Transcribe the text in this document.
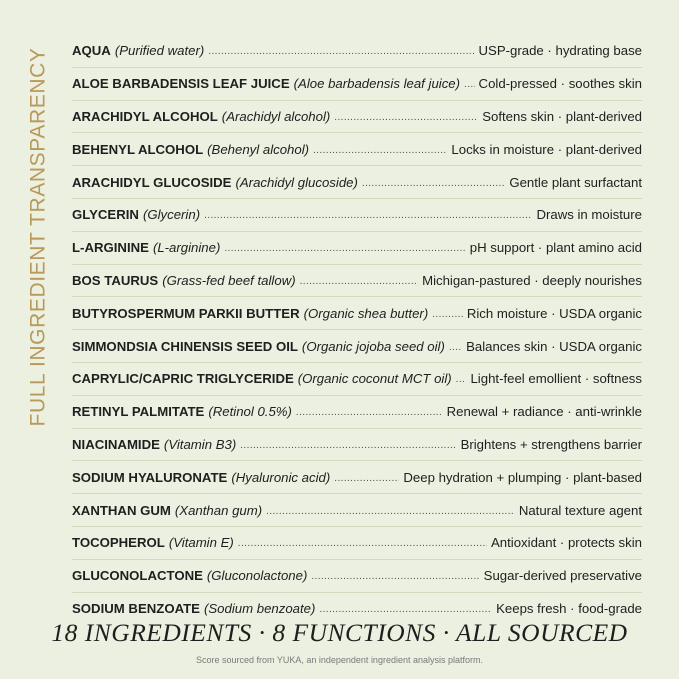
FULL INGREDIENT TRANSPARENCY AQUA (Purified water) .....	USP-grade · hydrating base
ALOE BARBADENSIS LEAF JUICE (Aloe barbadensis leaf juice) ..... Cold-pressed · soothes skin
ARACHIDYL ALCOHOL (Arachidyl alcohol) .....	Softens skin · plant-derived
BEHENYL ALCOHOL (Behenyl alcohol) .....	Locks in moisture · plant-derived
ARACHIDYL GLUCOSIDE (Arachidyl glucoside) .....	Gentle plant surfactant
GLYCERIN (Glycerin) .....	Draws in moisture
L-ARGININE (L-arginine) .....	pH support · plant amino acid
BOS TAURUS (Grass-fed beef tallow) .....	Michigan-pastured · deeply nourishes
BUTYROSPERMUM PARKII BUTTER (Organic shea butter) .....	Rich moisture · USDA organic
SIMMONDSIA CHINENSIS SEED OIL (Organic jojoba seed oil) ..... Balances skin · USDA organic
CAPRYLIC/CAPRIC TRIGLYCERIDE (Organic coconut MCT oil) ..... Light-feel emollient · softness
RETINYL PALMITATE (Retinol 0.5%) .....	Renewal + radiance · anti-wrinkle
NIACINAMIDE (Vitamin B3) .....	Brightens + strengthens barrier
SODIUM HYALURONATE (Hyaluronic acid) .....	Deep hydration + plumping · plant-based
XANTHAN GUM (Xanthan gum) .....	Natural texture agent
TOCOPHEROL (Vitamin E) .....	Antioxidant · protects skin
GLUCONOLACTONE (Gluconolactone) .....	Sugar-derived preservative
SODIUM BENZOATE (Sodium benzoate) .....	Keeps fresh · food-grade
18 INGREDIENTS · 8 FUNCTIONS · ALL SOURCED
Score sourced from YUKA, an independent ingredient analysis platform.
